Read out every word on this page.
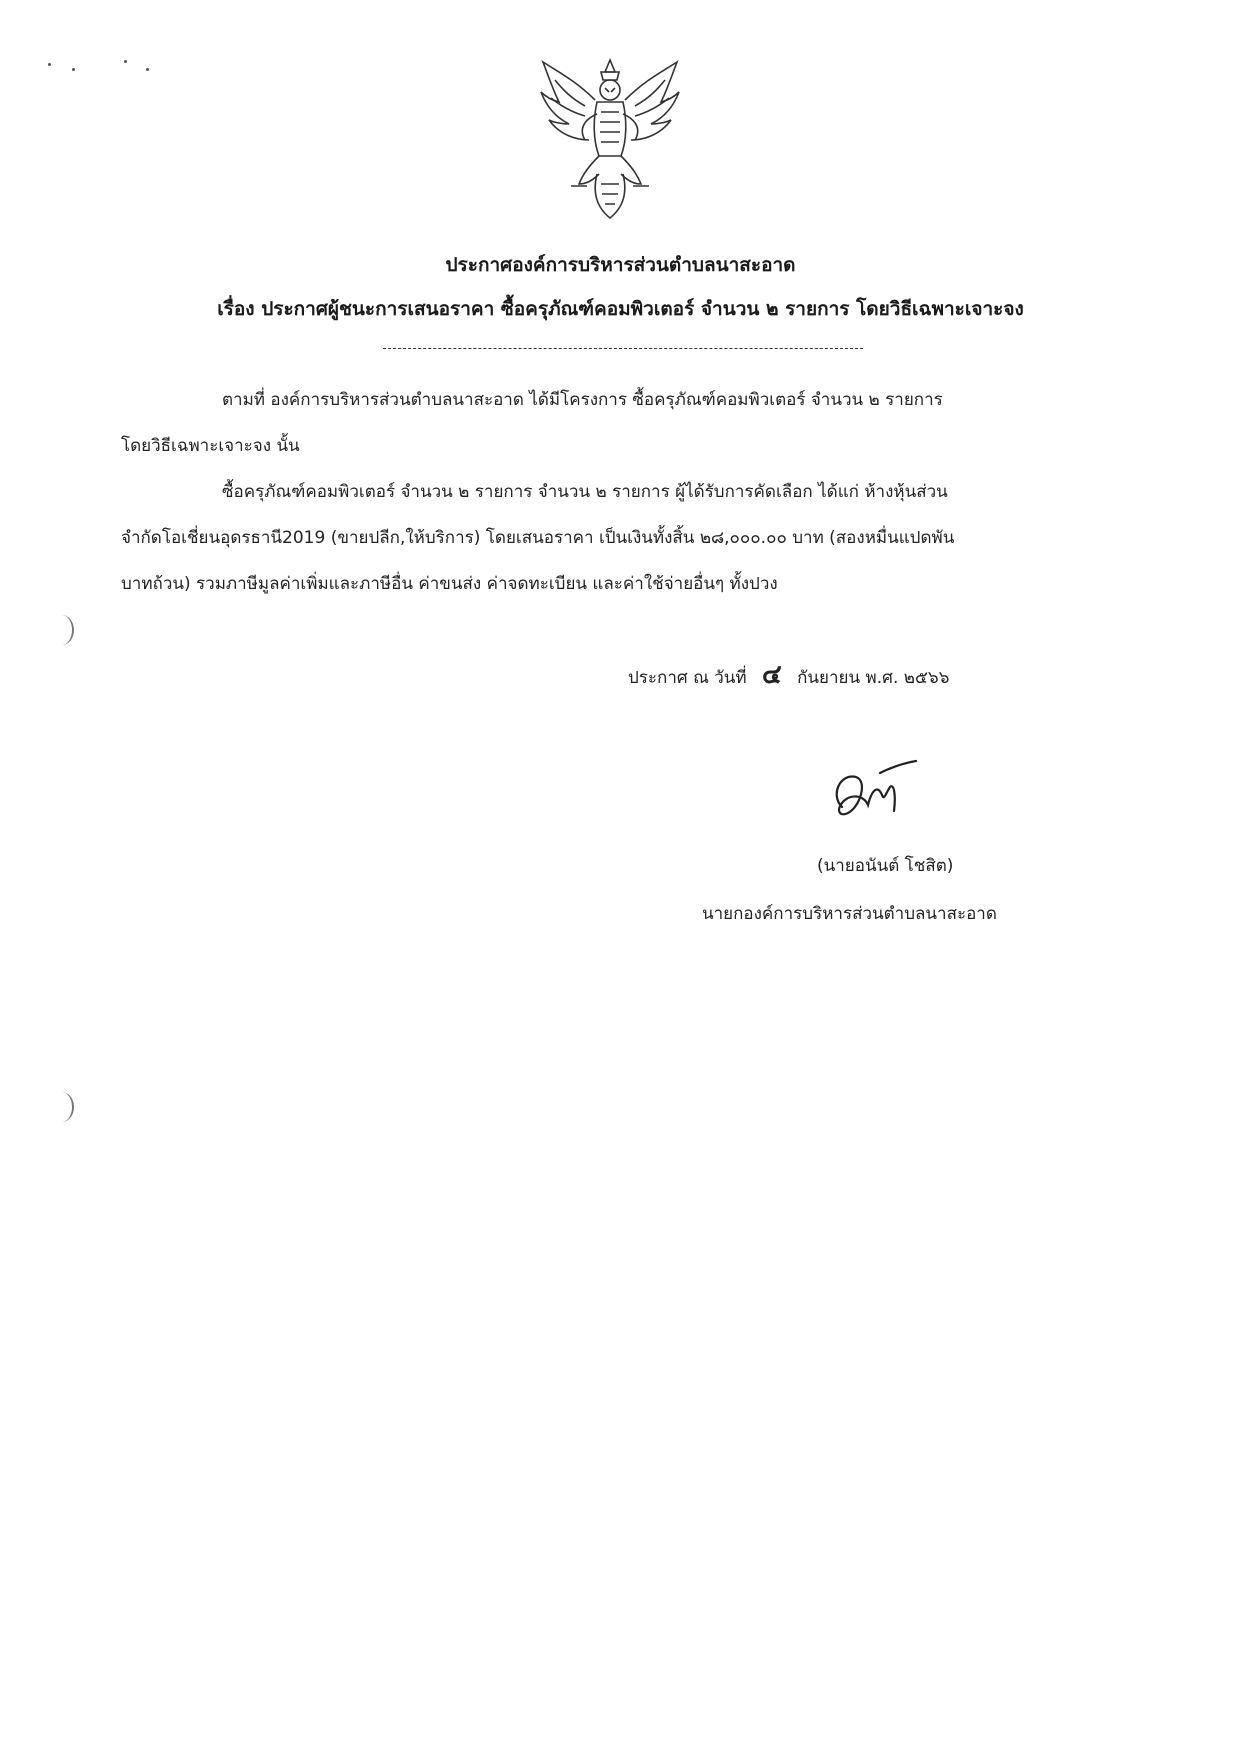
ประกาศองค์การบริหารส่วนตำบลนาสะอาด
เรื่อง ประกาศผู้ชนะการเสนอราคา ซื้อครุภัณฑ์คอมพิวเตอร์ จำนวน ๒ รายการ โดยวิธีเฉพาะเจาะจง
ตามที่ องค์การบริหารส่วนตำบลนาสะอาด ได้มีโครงการ ซื้อครุภัณฑ์คอมพิวเตอร์ จำนวน ๒ รายการ
โดยวิธีเฉพาะเจาะจง นั้น
ซื้อครุภัณฑ์คอมพิวเตอร์ จำนวน ๒ รายการ จำนวน ๒ รายการ ผู้ได้รับการคัดเลือก ได้แก่ ห้างหุ้นส่วน
จำกัดโอเชี่ยนอุดรธานี2019 (ขายปลีก,ให้บริการ) โดยเสนอราคา เป็นเงินทั้งสิ้น ๒๘,๐๐๐.๐๐ บาท (สองหมื่นแปดพัน
บาทถ้วน) รวมภาษีมูลค่าเพิ่มและภาษีอื่น ค่าขนส่ง ค่าจดทะเบียน และค่าใช้จ่ายอื่นๆ ทั้งปวง
ประกาศ ณ วันที่ ๔ กันยายน พ.ศ. ๒๕๖๖
(นายอนันต์ โชสิต)
นายกองค์การบริหารส่วนตำบลนาสะอาด
